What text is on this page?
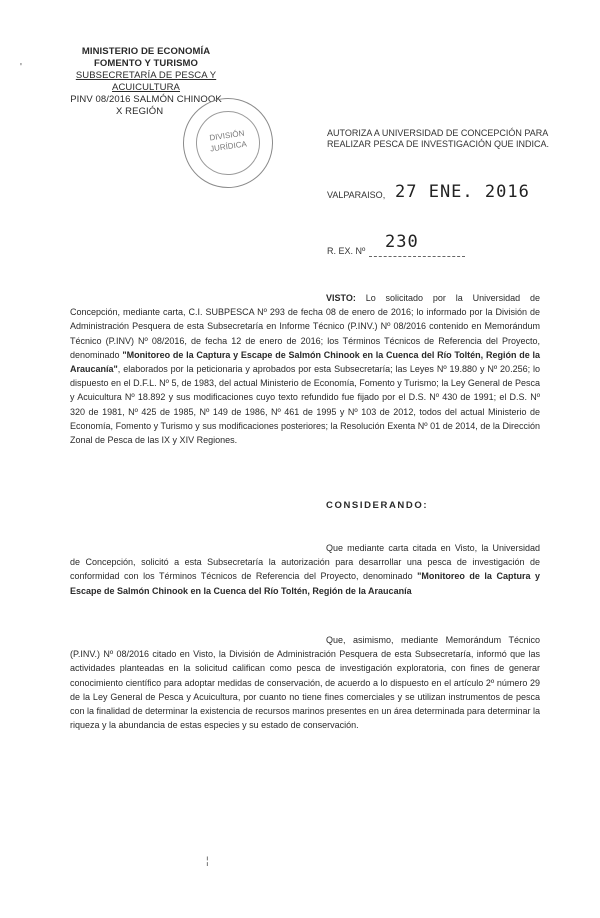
MINISTERIO DE ECONOMÍA
FOMENTO Y TURISMO
SUBSECRETARÍA DE PESCA Y ACUICULTURA
PINV 08/2016 SALMÓN CHINOOK
X REGIÓN
DIVISIÓN
JURÍDICA
AUTORIZA A UNIVERSIDAD DE CONCEPCIÓN PARA
REALIZAR PESCA DE INVESTIGACIÓN QUE INDICA.
VALPARAISO, 27 ENE. 2016
R. EX. Nº 230
VISTO: Lo solicitado por la Universidad de Concepción, mediante carta, C.I. SUBPESCA Nº 293 de fecha 08 de enero de 2016; lo informado por la División de Administración Pesquera de esta Subsecretaría en Informe Técnico (P.INV.) Nº 08/2016 contenido en Memorándum Técnico (P.INV) Nº 08/2016, de fecha 12 de enero de 2016; los Términos Técnicos de Referencia del Proyecto, denominado "Monitoreo de la Captura y Escape de Salmón Chinook en la Cuenca del Río Toltén, Región de la Araucanía", elaborados por la peticionaria y aprobados por esta Subsecretaría; las Leyes Nº 19.880 y Nº 20.256; lo dispuesto en el D.F.L. Nº 5, de 1983, del actual Ministerio de Economía, Fomento y Turismo; la Ley General de Pesca y Acuicultura Nº 18.892 y sus modificaciones cuyo texto refundido fue fijado por el D.S. Nº 430 de 1991; el D.S. Nº 320 de 1981, Nº 425 de 1985, Nº 149 de 1986, Nº 461 de 1995 y Nº 103 de 2012, todos del actual Ministerio de Economía, Fomento y Turismo y sus modificaciones posteriores; la Resolución Exenta Nº 01 de 2014, de la Dirección Zonal de Pesca de las IX y XIV Regiones.
CONSIDERANDO:
Que mediante carta citada en Visto, la Universidad de Concepción, solicitó a esta Subsecretaría la autorización para desarrollar una pesca de investigación de conformidad con los Términos Técnicos de Referencia del Proyecto, denominado "Monitoreo de la Captura y Escape de Salmón Chinook en la Cuenca del Río Toltén, Región de la Araucanía
Que, asimismo, mediante Memorándum Técnico (P.INV.) Nº 08/2016 citado en Visto, la División de Administración Pesquera de esta Subsecretaría, informó que las actividades planteadas en la solicitud califican como pesca de investigación exploratoria, con fines de generar conocimiento científico para adoptar medidas de conservación, de acuerdo a lo dispuesto en el artículo 2º número 29 de la Ley General de Pesca y Acuicultura, por cuanto no tiene fines comerciales y se utilizan instrumentos de pesca con la finalidad de determinar la existencia de recursos marinos presentes en un área determinada para determinar la riqueza y la abundancia de estas especies y su estado de conservación.
'
¦
